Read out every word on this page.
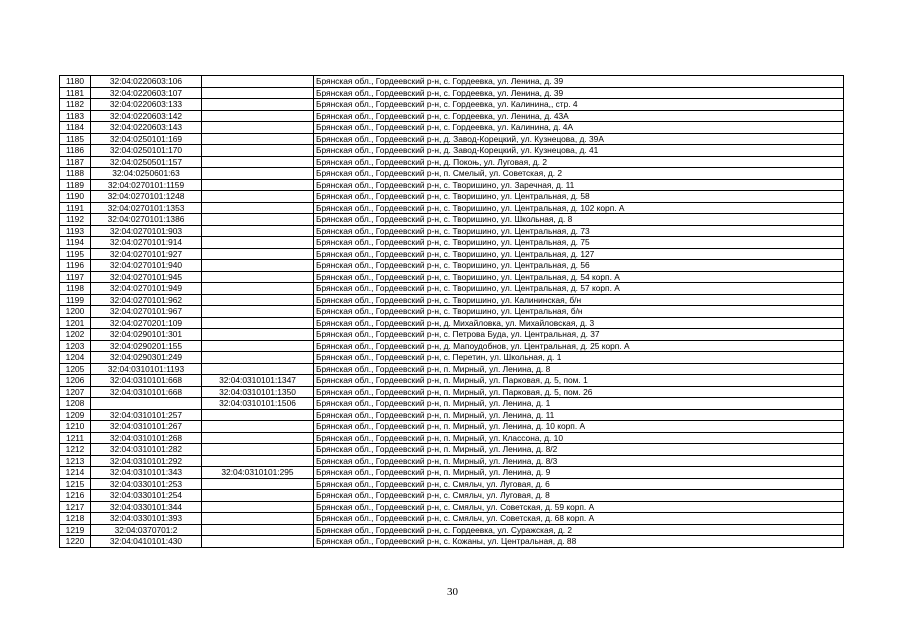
1180	32:04:0220603:106		Брянская обл., Гордеевский р-н, с. Гордеевка, ул. Ленина, д. 39
1181	32:04:0220603:107		Брянская обл., Гордеевский р-н, с. Гордеевка, ул. Ленина, д. 39
1182	32:04:0220603:133		Брянская обл., Гордеевский р-н, с. Гордеевка, ул. Калинина,, стр. 4
1183	32:04:0220603:142		Брянская обл., Гордеевский р-н, с. Гордеевка, ул. Ленина, д. 43А
1184	32:04:0220603:143		Брянская обл., Гордеевский р-н, с. Гордеевка, ул. Калинина, д. 4А
1185	32:04:0250101:169		Брянская обл., Гордеевский р-н, д. Завод-Корецкий, ул. Кузнецова, д. 39А
1186	32:04:0250101:170		Брянская обл., Гордеевский р-н, д. Завод-Корецкий, ул. Кузнецова, д. 41
1187	32:04:0250501:157		Брянская обл., Гордеевский р-н, д. Покоњ, ул. Луговая, д. 2
1188	32:04:0250601:63		Брянская обл., Гордеевский р-н, п. Смелый, ул. Советская, д. 2
1189	32:04:0270101:1159		Брянская обл., Гордеевский р-н, с. Творишино, ул. Заречная, д. 11
1190	32:04:0270101:1248		Брянская обл., Гордеевский р-н, с. Творишино, ул. Центральная, д. 58
1191	32:04:0270101:1353		Брянская обл., Гордеевский р-н, с. Творишино, ул. Центральная, д. 102 корп. А
1192	32:04:0270101:1386		Брянская обл., Гордеевский р-н, с. Творишино, ул. Школьная, д. 8
1193	32:04:0270101:903		Брянская обл., Гордеевский р-н, с. Творишино, ул. Центральная, д. 73
1194	32:04:0270101:914		Брянская обл., Гордеевский р-н, с. Творишино, ул. Центральная, д. 75
1195	32:04:0270101:927		Брянская обл., Гордеевский р-н, с. Творишино, ул. Центральная, д. 127
1196	32:04:0270101:940		Брянская обл., Гордеевский р-н, с. Творишино, ул. Центральная, д. 56
1197	32:04:0270101:945		Брянская обл., Гордеевский р-н, с. Творишино, ул. Центральная, д. 54 корп. А
1198	32:04:0270101:949		Брянская обл., Гордеевский р-н, с. Творишино, ул. Центральная, д. 57 корп. А
1199	32:04:0270101:962		Брянская обл., Гордеевский р-н, с. Творишино, ул. Калининская, б/н
1200	32:04:0270101:967		Брянская обл., Гордеевский р-н, с. Творишино, ул. Центральная, б/н
1201	32:04:0270201:109		Брянская обл., Гордеевский р-н, д. Михайловка, ул. Михайловская, д. 3
1202	32:04:0290101:301		Брянская обл., Гордеевский р-н, с. Петрова Буда, ул. Центральная, д. 37
1203	32:04:0290201:155		Брянская обл., Гордеевский р-н, д. Мапоудобнов, ул. Центральная, д. 25 корп. А
1204	32:04:0290301:249		Брянская обл., Гордеевский р-н, с. Перетин, ул. Школьная, д. 1
1205	32:04:0310101:1193		Брянская обл., Гордеевский р-н, п. Мирный, ул. Ленина, д. 8
1206	32:04:0310101:668	32:04:0310101:1347	Брянская обл., Гордеевский р-н, п. Мирный, ул. Парковая, д. 5, пом. 1
1207	32:04:0310101:668	32:04:0310101:1350	Брянская обл., Гордеевский р-н, п. Мирный, ул. Парковая, д. 5, пом. 26
1208		32:04:0310101:1506	Брянская обл., Гордеевский р-н, п. Мирный, ул. Ленина, д. 1
1209	32:04:0310101:257		Брянская обл., Гордеевский р-н, п. Мирный, ул. Ленина, д. 11
1210	32:04:0310101:267		Брянская обл., Гордеевский р-н, п. Мирный, ул. Ленина, д. 10 корп. А
1211	32:04:0310101:268		Брянская обл., Гордеевский р-н, п. Мирный, ул. Классона, д. 10
1212	32:04:0310101:282		Брянская обл., Гордеевский р-н, п. Мирный, ул. Ленина, д. 8/2
1213	32:04:0310101:292		Брянская обл., Гордеевский р-н, п. Мирный, ул. Ленина, д. 8/3
1214	32:04:0310101:343	32:04:0310101:295	Брянская обл., Гордеевский р-н, п. Мирный, ул. Ленина, д. 9
1215	32:04:0330101:253		Брянская обл., Гордеевский р-н, с. Смяльч, ул. Луговая, д. 6
1216	32:04:0330101:254		Брянская обл., Гордеевский р-н, с. Смяльч, ул. Луговая, д. 8
1217	32:04:0330101:344		Брянская обл., Гордеевский р-н, с. Смяльч, ул. Советская, д. 59 корп. А
1218	32:04:0330101:393		Брянская обл., Гордеевский р-н, с. Смяльч, ул. Советская, д. 68 корп. А
1219	32:04:0370701:2		Брянская обл., Гордеевский р-н, с. Гордеевка, ул. Суражская, д. 2
1220	32:04:0410101:430		Брянская обл., Гордеевский р-н, с. Кожаны, ул. Центральная, д. 88
30
